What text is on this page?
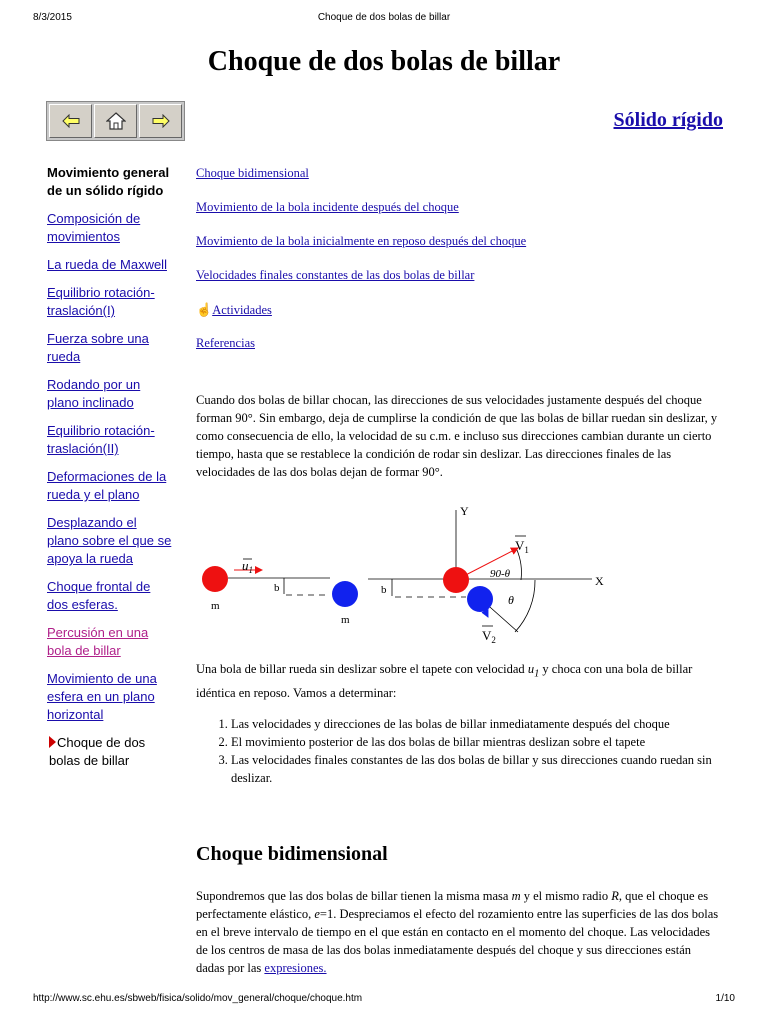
8/3/2015	Choque de dos bolas de billar
Choque de dos bolas de billar
Sólido rígido
Movimiento general de un sólido rígido
Composición de movimientos
La rueda de Maxwell
Equilibrio rotación-traslación(I)
Fuerza sobre una rueda
Rodando por un plano inclinado
Equilibrio rotación-traslación(II)
Deformaciones de la rueda y el plano
Desplazando el plano sobre el que se apoya la rueda
Choque frontal de dos esferas.
Percusión en una bola de billar
Movimiento de una esfera en un plano horizontal
Choque de dos bolas de billar
Choque bidimensional
Movimiento de la bola incidente después del choque
Movimiento de la bola inicialmente en reposo después del choque
Velocidades finales constantes de las dos bolas de billar
☝Actividades
Referencias

Cuando dos bolas de billar chocan, las direcciones de sus velocidades justamente después del choque forman 90°. Sin embargo, deja de cumplirse la condición de que las bolas de billar ruedan sin deslizar, y como consecuencia de ello, la velocidad de su c.m. e incluso sus direcciones cambian durante un cierto tiempo, hasta que se restablece la condición de rodar sin deslizar. Las direcciones finales de las velocidades de las dos bolas dejan de formar 90°.

$u_1$
m
b
m
Y
X
b
$V_1$
90-θ
θ
$V_2$

Una bola de billar rueda sin deslizar sobre el tapete con velocidad $u_1$ y choca con una bola de billar idéntica en reposo. Vamos a determinar:

1. Las velocidades y direcciones de las bolas de billar inmediatamente después del choque
2. El movimiento posterior de las dos bolas de billar mientras deslizan sobre el tapete
3. Las velocidades finales constantes de las dos bolas de billar y sus direcciones cuando ruedan sin deslizar.
Choque bidimensional

Supondremos que las dos bolas de billar tienen la misma masa m y el mismo radio R, que el choque es perfectamente elástico, e=1. Despreciamos el efecto del rozamiento entre las superficies de las dos bolas en el breve intervalo de tiempo en el que están en contacto en el momento del choque. Las velocidades de los centros de masa de las dos bolas inmediatamente después del choque y sus direcciones están dadas por las expresiones.

http://www.sc.ehu.es/sbweb/fisica/solido/mov_general/choque/choque.htm	1/10
